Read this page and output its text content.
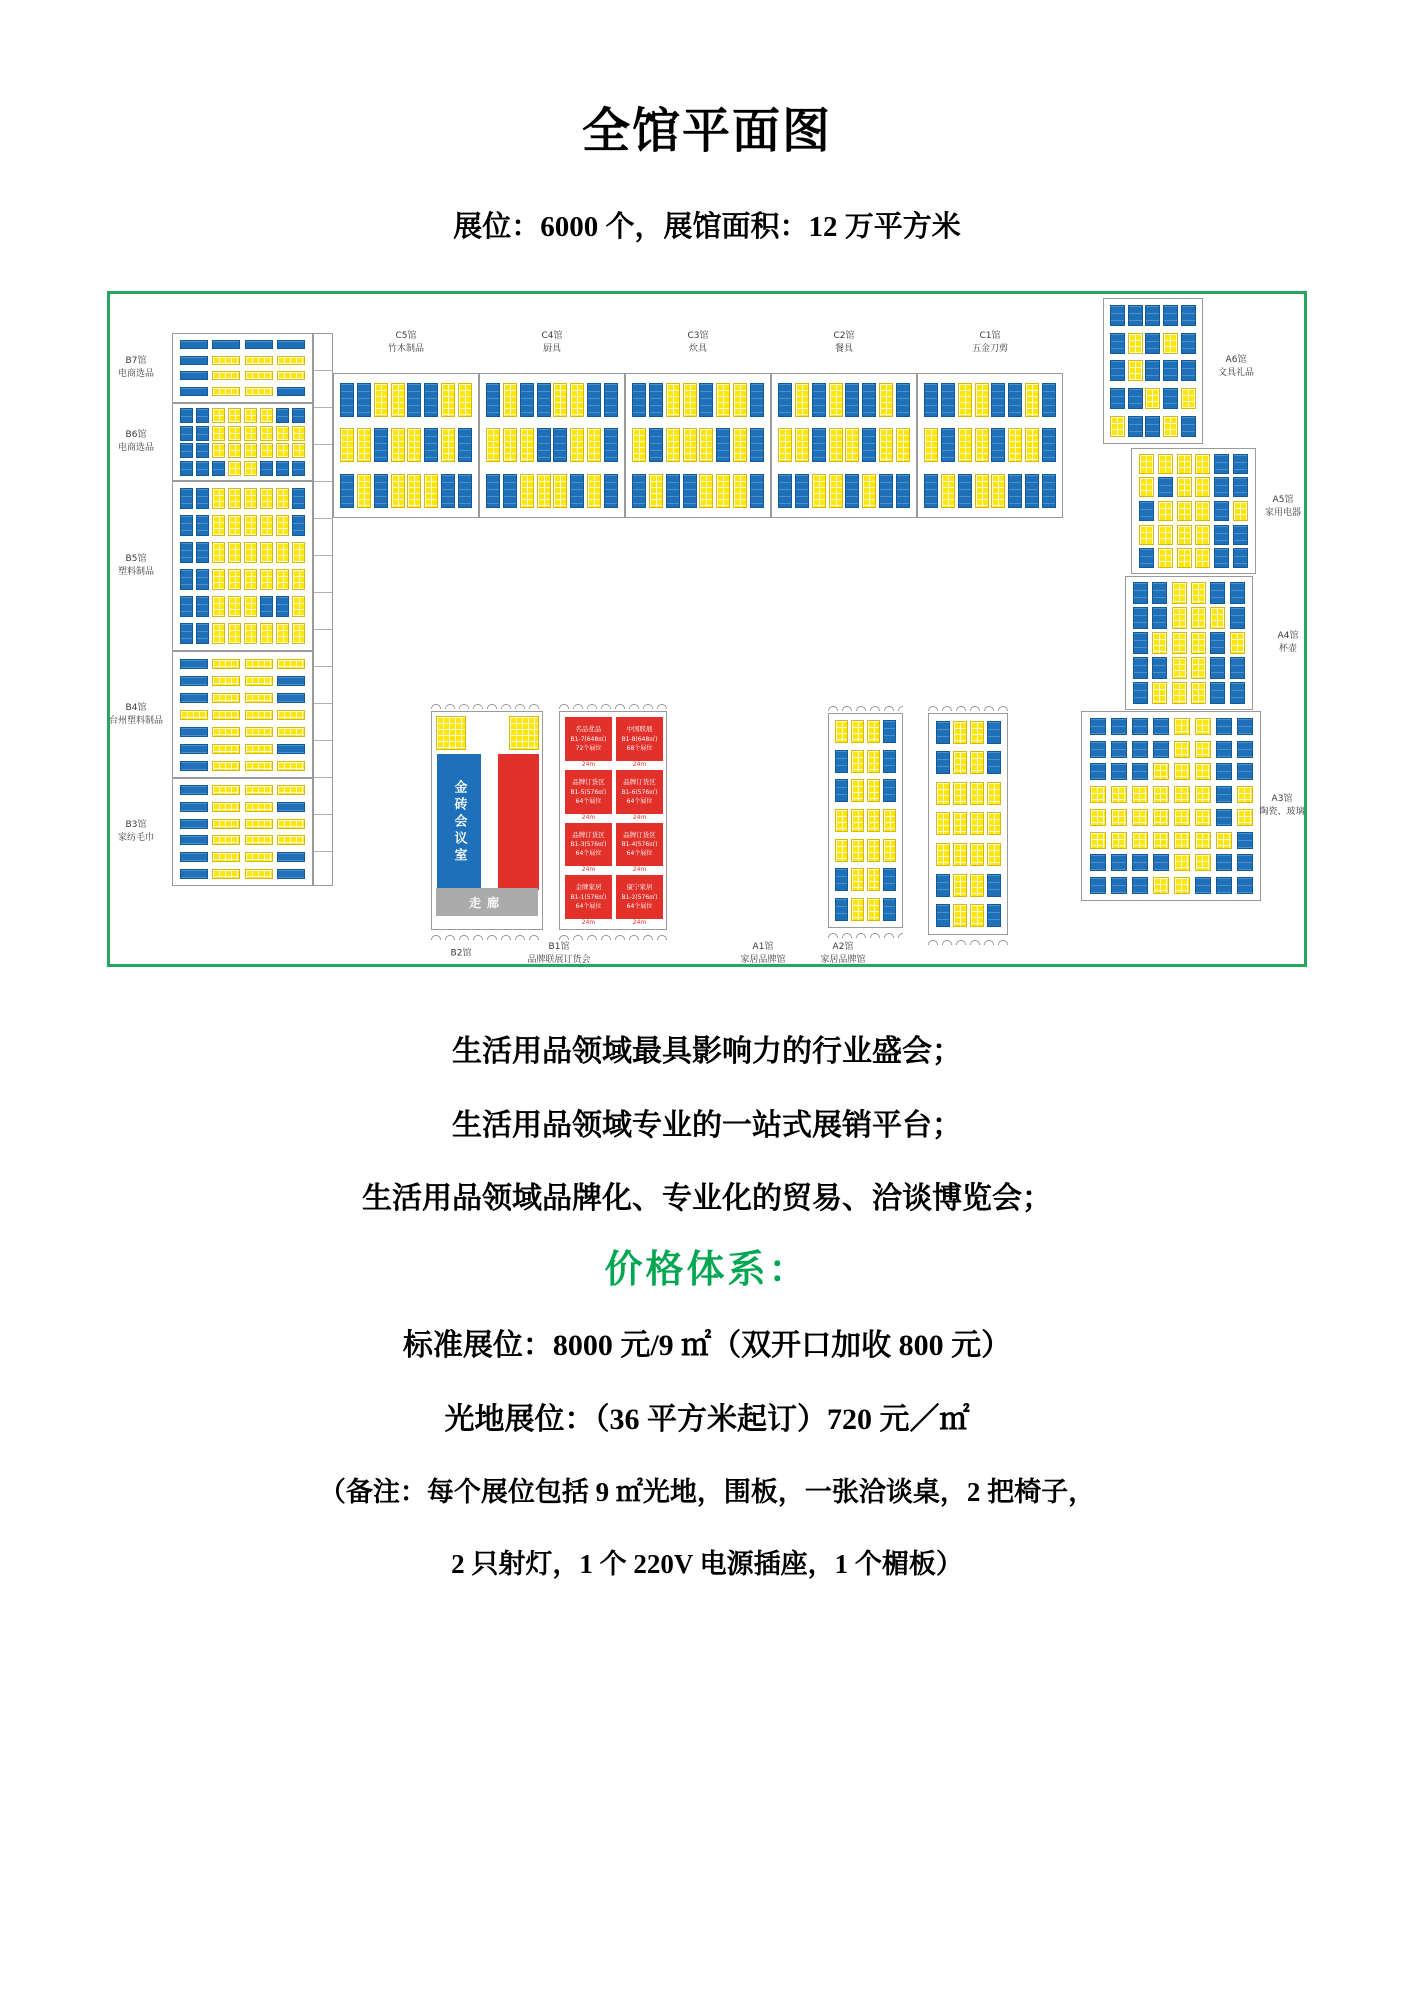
全馆平面图
展位：6000 个，展馆面积：12 万平方米
金砖会议室
走廊
名品优品
B1-7(648㎡)
72个展位
24m
中国联展
B1-8(648㎡)
68个展位
24m
品牌订货区
B1-5(576㎡)
64个展位
24m
品牌订货区
B1-6(576㎡)
64个展位
24m
品牌订货区
B1-3(576㎡)
64个展位
24m
品牌订货区
B1-4(576㎡)
64个展位
24m
金牌家居
B1-1(576㎡)
64个展位
24m
康宁家居
B1-2(576㎡)
64个展位
24m
B7馆
电商选品
B6馆
电商选品
B5馆
塑料制品
B4馆
台州塑料制品
B3馆
家纺毛巾
C5馆
竹木制品
C4馆
厨具
C3馆
炊具
C2馆
餐具
C1馆
五金刀剪
A6馆
文具礼品
A5馆
家用电器
A4馆
杯壶
A3馆
陶瓷、玻璃
B2馆
B1馆
品牌联展订货会
A1馆
家居品牌馆
A2馆
家居品牌馆
生活用品领域最具影响力的行业盛会；
生活用品领域专业的一站式展销平台；
生活用品领域品牌化、专业化的贸易、洽谈博览会；
价格体系：
标准展位：8000 元/9 ㎡（双开口加收 800 元）
光地展位：（36 平方米起订）720 元／㎡
（备注：每个展位包括 9 ㎡光地，围板，一张洽谈桌，2 把椅子，
2 只射灯，1 个 220V 电源插座，1 个楣板）
